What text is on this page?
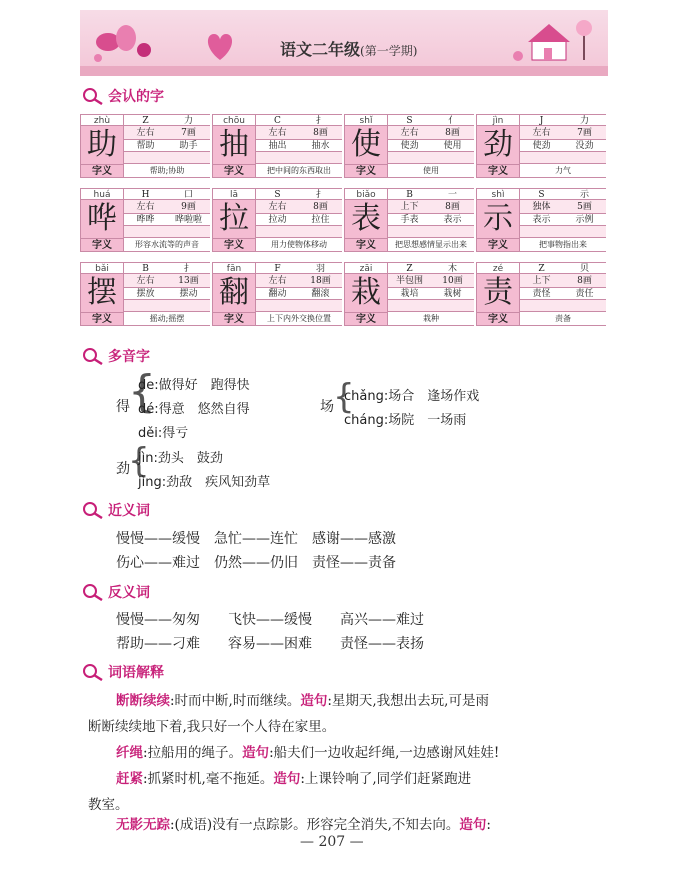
语文二年级(第一学期)
会认的字
zhù
助
字义
Z	力
左右	7画
帮助	助手
帮助;协助
chōu
抽
字义
C	扌
左右	8画
抽出	抽水
把中间的东西取出
shǐ
使
字义
S	亻
左右	8画
使劲	使用
使用
jìn
劲
字义
J	力
左右	7画
使劲	没劲
力气
huá
哗
字义
H	口
左右	9画
哗哗	哗啦啦
形容水流等的声音
lā
拉
字义
S	扌
左右	8画
拉动	拉住
用力使物体移动
biǎo
表
字义
B	一
上下	8画
手表	表示
把思想感情显示出来
shì
示
字义
S	示
独体	5画
表示	示例
把事物指出来
bǎi
摆
字义
B	扌
左右	13画
摆放	摆动
摇动;摇摆
fān
翻
字义
F	羽
左右	18画
翻动	翻滚
上下内外交换位置
zāi
栽
字义
Z	木
半包围	10画
栽培	栽树
栽种
zé
责
字义
Z	贝
上下	8画
责怪	责任
责备
多音字
得
{
de:做得好　跑得快
dé:得意　悠然自得
děi:得亏
场 {
chǎng:场合　逢场作戏
cháng:场院　一场雨
劲
{
jìn:劲头　鼓劲
jìng:劲敌　疾风知劲草
近义词
慢慢——缓慢　急忙——连忙　感谢——感激
伤心——难过　仍然——仍旧　责怪——责备
反义词
慢慢——匆匆　　飞快——缓慢　　高兴——难过
帮助——刁难　　容易——困难　　责怪——表扬
词语解释
断断续续:时而中断,时而继续。造句:星期天,我想出去玩,可是雨
断断续续地下着,我只好一个人待在家里。
纤绳:拉船用的绳子。造句:船夫们一边收起纤绳,一边感谢风娃娃!
赶紧:抓紧时机,毫不拖延。造句:上课铃响了,同学们赶紧跑进
教室。
无影无踪:(成语)没有一点踪影。形容完全消失,不知去向。造句:
— 207 —
